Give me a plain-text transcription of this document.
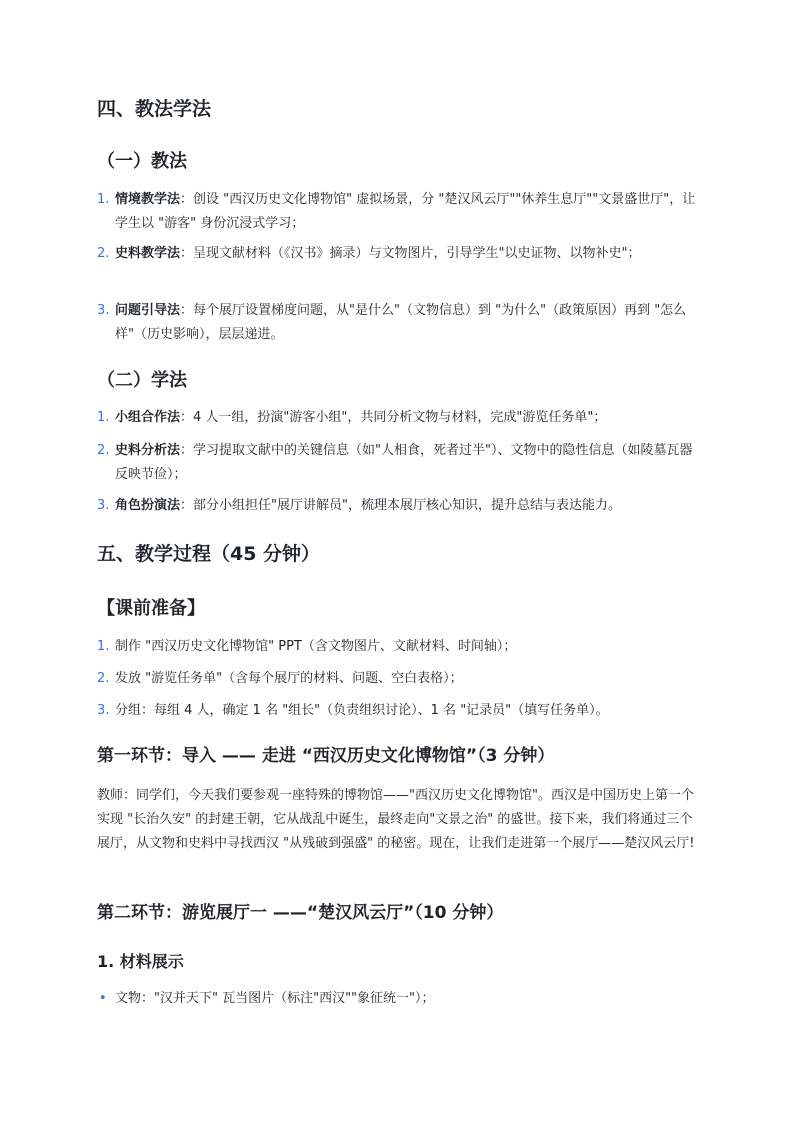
四、教法学法
（一）教法
1. 情境教学法：创设 "西汉历史文化博物馆" 虚拟场景，分 "楚汉风云厅""休养生息厅""文景盛世厅"，让学生以 "游客" 身份沉浸式学习；
2. 史料教学法：呈现文献材料（《汉书》摘录）与文物图片，引导学生"以史证物、以物补史"；
3. 问题引导法：每个展厅设置梯度问题，从"是什么"（文物信息）到 "为什么"（政策原因）再到 "怎么样"（历史影响），层层递进。
（二）学法
1. 小组合作法：4 人一组，扮演"游客小组"，共同分析文物与材料，完成"游览任务单"；
2. 史料分析法：学习提取文献中的关键信息（如"人相食，死者过半"）、文物中的隐性信息（如陵墓瓦器反映节俭）；
3. 角色扮演法：部分小组担任"展厅讲解员"，梳理本展厅核心知识，提升总结与表达能力。
五、教学过程（45 分钟）
【课前准备】
1. 制作 "西汉历史文化博物馆" PPT（含文物图片、文献材料、时间轴）；
2. 发放 "游览任务单"（含每个展厅的材料、问题、空白表格）；
3. 分组：每组 4 人，确定 1 名 "组长"（负责组织讨论）、1 名 "记录员"（填写任务单）。
第一环节：导入 —— 走进 “西汉历史文化博物馆”（3 分钟）
教师：同学们，今天我们要参观一座特殊的博物馆——"西汉历史文化博物馆"。西汉是中国历史上第一个实现 "长治久安" 的封建王朝，它从战乱中诞生，最终走向"文景之治" 的盛世。接下来，我们将通过三个展厅，从文物和史料中寻找西汉 "从残破到强盛" 的秘密。现在，让我们走进第一个展厅——楚汉风云厅!
第二环节：游览展厅一 ——“楚汉风云厅”（10 分钟）
1. 材料展示
• 文物："汉并天下" 瓦当图片（标注"西汉""象征统一"）；
